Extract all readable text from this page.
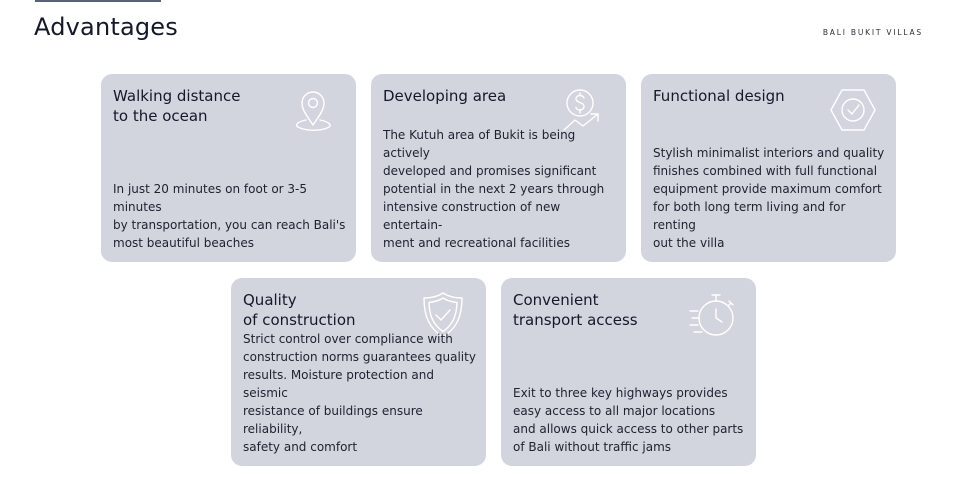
Advantages	BALI BUKIT VILLAS
Walking distance
to the ocean

In just 20 minutes on foot or 3-5 minutes
by transportation, you can reach Bali's
most beautiful beaches

Developing area

The Kutuh area of Bukit is being actively
developed and promises significant
potential in the next 2 years through
intensive construction of new entertain-
ment and recreational facilities

Functional design

Stylish minimalist interiors and quality
finishes combined with full functional
equipment provide maximum comfort
for both long term living and for renting
out the villa

Quality
of construction

Strict control over compliance with
construction norms guarantees quality
results. Moisture protection and seismic
resistance of buildings ensure reliability,
safety and comfort

Convenient
transport access

Exit to three key highways provides
easy access to all major locations
and allows quick access to other parts
of Bali without traffic jams
